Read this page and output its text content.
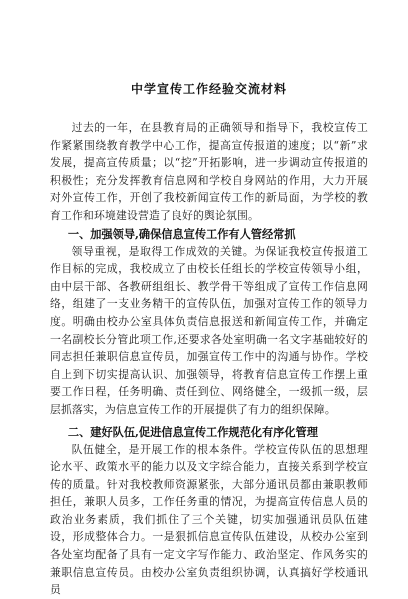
中学宣传工作经验交流材料

过去的一年，在县教育局的正确领导和指导下，我校宣传工作紧紧围绕教育教学中心工作，提高宣传报道的速度；以“新”求发展，提高宣传质量；以“挖”开拓影响，进一步调动宣传报道的积极性；充分发挥教育信息网和学校自身网站的作用，大力开展对外宣传工作，开创了我校新闻宣传工作的新局面，为学校的教育工作和环境建设营造了良好的舆论氛围。

一、加强领导,确保信息宣传工作有人管经常抓

领导重视，是取得工作成效的关键。为保证我校宣传报道工作目标的完成，我校成立了由校长任组长的学校宣传领导小组，由中层干部、各教研组组长、教学骨干等组成了宣传工作信息网络，组建了一支业务精干的宣传队伍，加强对宣传工作的领导力度。明确由校办公室具体负责信息报送和新闻宣传工作，并确定一名副校长分管此项工作,还要求各处室明确一名文字基础较好的同志担任兼职信息宣传员，加强宣传工作中的沟通与协作。学校自上到下切实提高认识、加强领导，将教育信息宣传工作摆上重要工作日程，任务明确、责任到位、网络健全，一级抓一级，层层抓落实，为信息宣传工作的开展提供了有力的组织保障。

二、建好队伍,促进信息宣传工作规范化有序化管理

队伍健全，是开展工作的根本条件。学校宣传队伍的思想理论水平、政策水平的能力以及文字综合能力，直接关系到学校宣传的质量。针对我校教师资源紧张，大部分通讯员都由兼职教师担任，兼职人员多，工作任务重的情况，为提高宣传信息人员的政治业务素质，我们抓住了三个关键，切实加强通讯员队伍建设，形成整体合力。一是狠抓信息宣传队伍建设，从校办公室到各处室均配备了具有一定文字写作能力、政治坚定、作风务实的兼职信息宣传员。由校办公室负责组织协调，认真搞好学校通讯员
